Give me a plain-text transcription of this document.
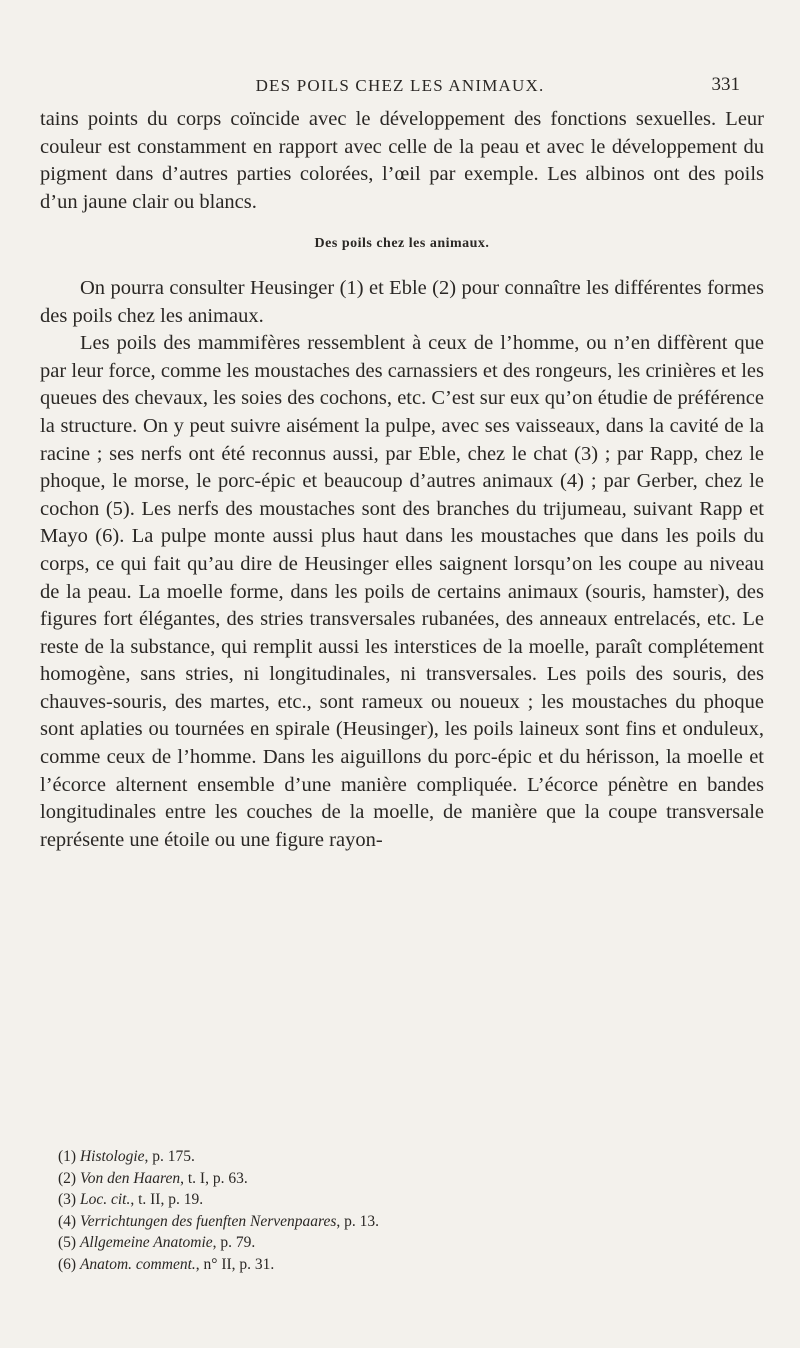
DES POILS CHEZ LES ANIMAUX.	331

tains points du corps coïncide avec le développement des fonctions sexuelles. Leur couleur est constamment en rapport avec celle de la peau et avec le développement du pigment dans d’autres parties colorées, l’œil par exemple. Les albinos ont des poils d’un jaune clair ou blancs.

Des poils chez les animaux.

On pourra consulter Heusinger (1) et Eble (2) pour connaître les différentes formes des poils chez les animaux.

Les poils des mammifères ressemblent à ceux de l’homme, ou n’en diffèrent que par leur force, comme les moustaches des carnassiers et des rongeurs, les crinières et les queues des chevaux, les soies des cochons, etc. C’est sur eux qu’on étudie de préférence la structure. On y peut suivre aisément la pulpe, avec ses vaisseaux, dans la cavité de la racine ; ses nerfs ont été reconnus aussi, par Eble, chez le chat (3) ; par Rapp, chez le phoque, le morse, le porc-épic et beaucoup d’autres animaux (4) ; par Gerber, chez le cochon (5). Les nerfs des moustaches sont des branches du trijumeau, suivant Rapp et Mayo (6). La pulpe monte aussi plus haut dans les moustaches que dans les poils du corps, ce qui fait qu’au dire de Heusinger elles saignent lorsqu’on les coupe au niveau de la peau. La moelle forme, dans les poils de certains animaux (souris, hamster), des figures fort élégantes, des stries transversales rubanées, des anneaux entrelacés, etc. Le reste de la substance, qui remplit aussi les interstices de la moelle, paraît complétement homogène, sans stries, ni longitudinales, ni transversales. Les poils des souris, des chauves-souris, des martes, etc., sont rameux ou noueux ; les moustaches du phoque sont aplaties ou tournées en spirale (Heusinger), les poils laineux sont fins et onduleux, comme ceux de l’homme. Dans les aiguillons du porc-épic et du hérisson, la moelle et l’écorce alternent ensemble d’une manière compliquée. L’écorce pénètre en bandes longitudinales entre les couches de la moelle, de manière que la coupe transversale représente une étoile ou une figure rayon-

(1) Histologie, p. 175.
(2) Von den Haaren, t. I, p. 63.
(3) Loc. cit., t. II, p. 19.
(4) Verrichtungen des fuenften Nervenpaares, p. 13.
(5) Allgemeine Anatomie, p. 79.
(6) Anatom. comment., n° II, p. 31.
